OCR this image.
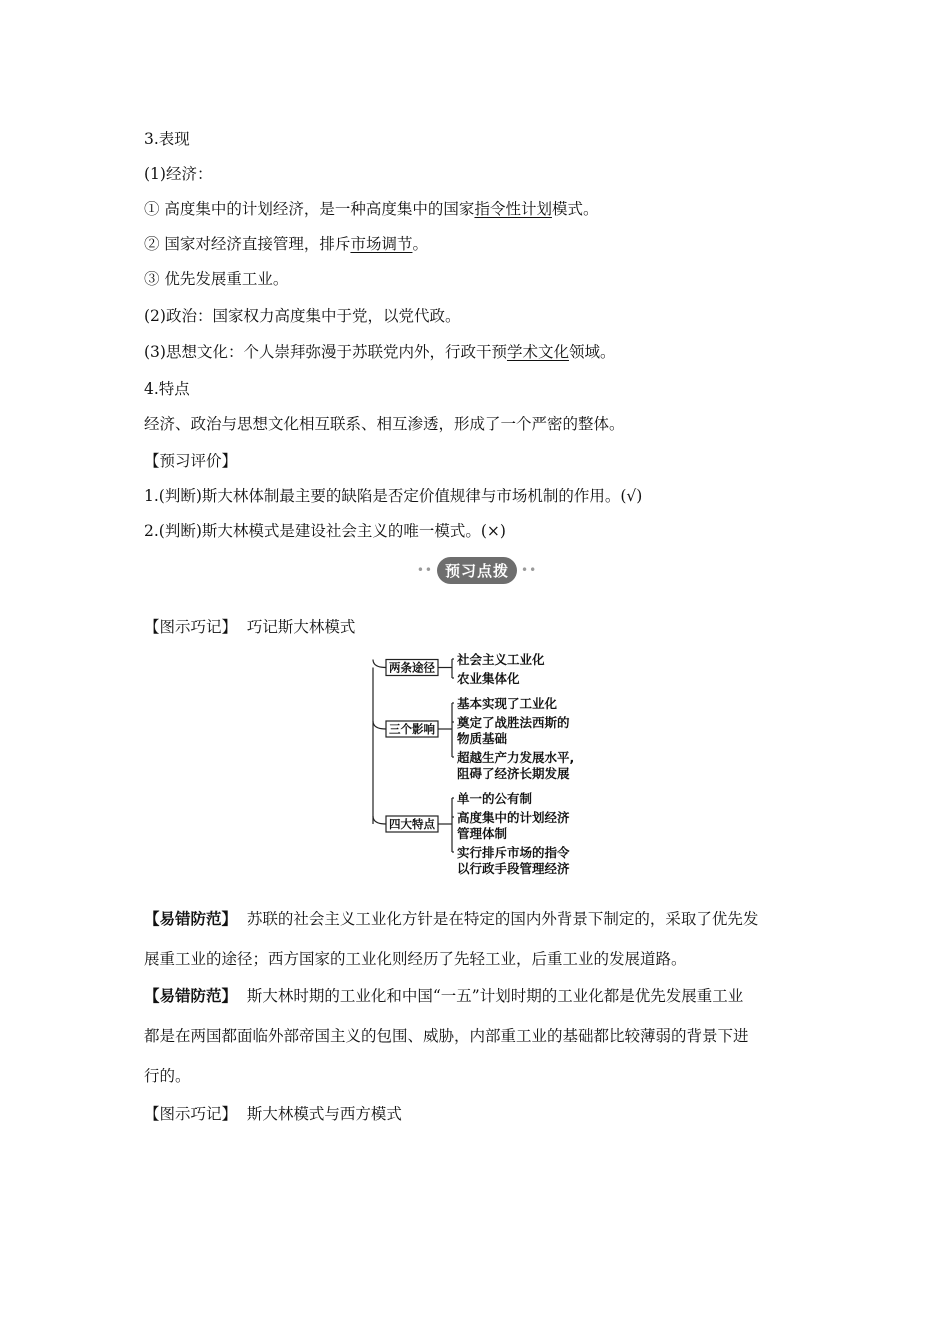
3.表现
(1)经济：
① 高度集中的计划经济，是一种高度集中的国家指令性计划模式。
② 国家对经济直接管理，排斥市场调节。
③ 优先发展重工业。
(2)政治：国家权力高度集中于党，以党代政。
(3)思想文化：个人崇拜弥漫于苏联党内外，行政干预学术文化领域。
4.特点
经济、政治与思想文化相互联系、相互渗透，形成了一个严密的整体。
【预习评价】
1.(判断)斯大林体制最主要的缺陷是否定价值规律与市场机制的作用。(√)
2.(判断)斯大林模式是建设社会主义的唯一模式。(×)
•• 预习点拨	••
【图示巧记】 巧记斯大林模式
两条途径
社会主义工业化
农业集体化
三个影响
基本实现了工业化
奠定了战胜法西斯的
物质基础
超越生产力发展水平,
阻碍了经济长期发展
四大特点
单一的公有制
高度集中的计划经济
管理体制
实行排斥市场的指令
以行政手段管理经济
【易错防范】 苏联的社会主义工业化方针是在特定的国内外背景下制定的，采取了优先发
展重工业的途径；西方国家的工业化则经历了先轻工业，后重工业的发展道路。
【易错防范】 斯大林时期的工业化和中国“一五”计划时期的工业化都是优先发展重工业
都是在两国都面临外部帝国主义的包围、威胁，内部重工业的基础都比较薄弱的背景下进
行的。
【图示巧记】 斯大林模式与西方模式
